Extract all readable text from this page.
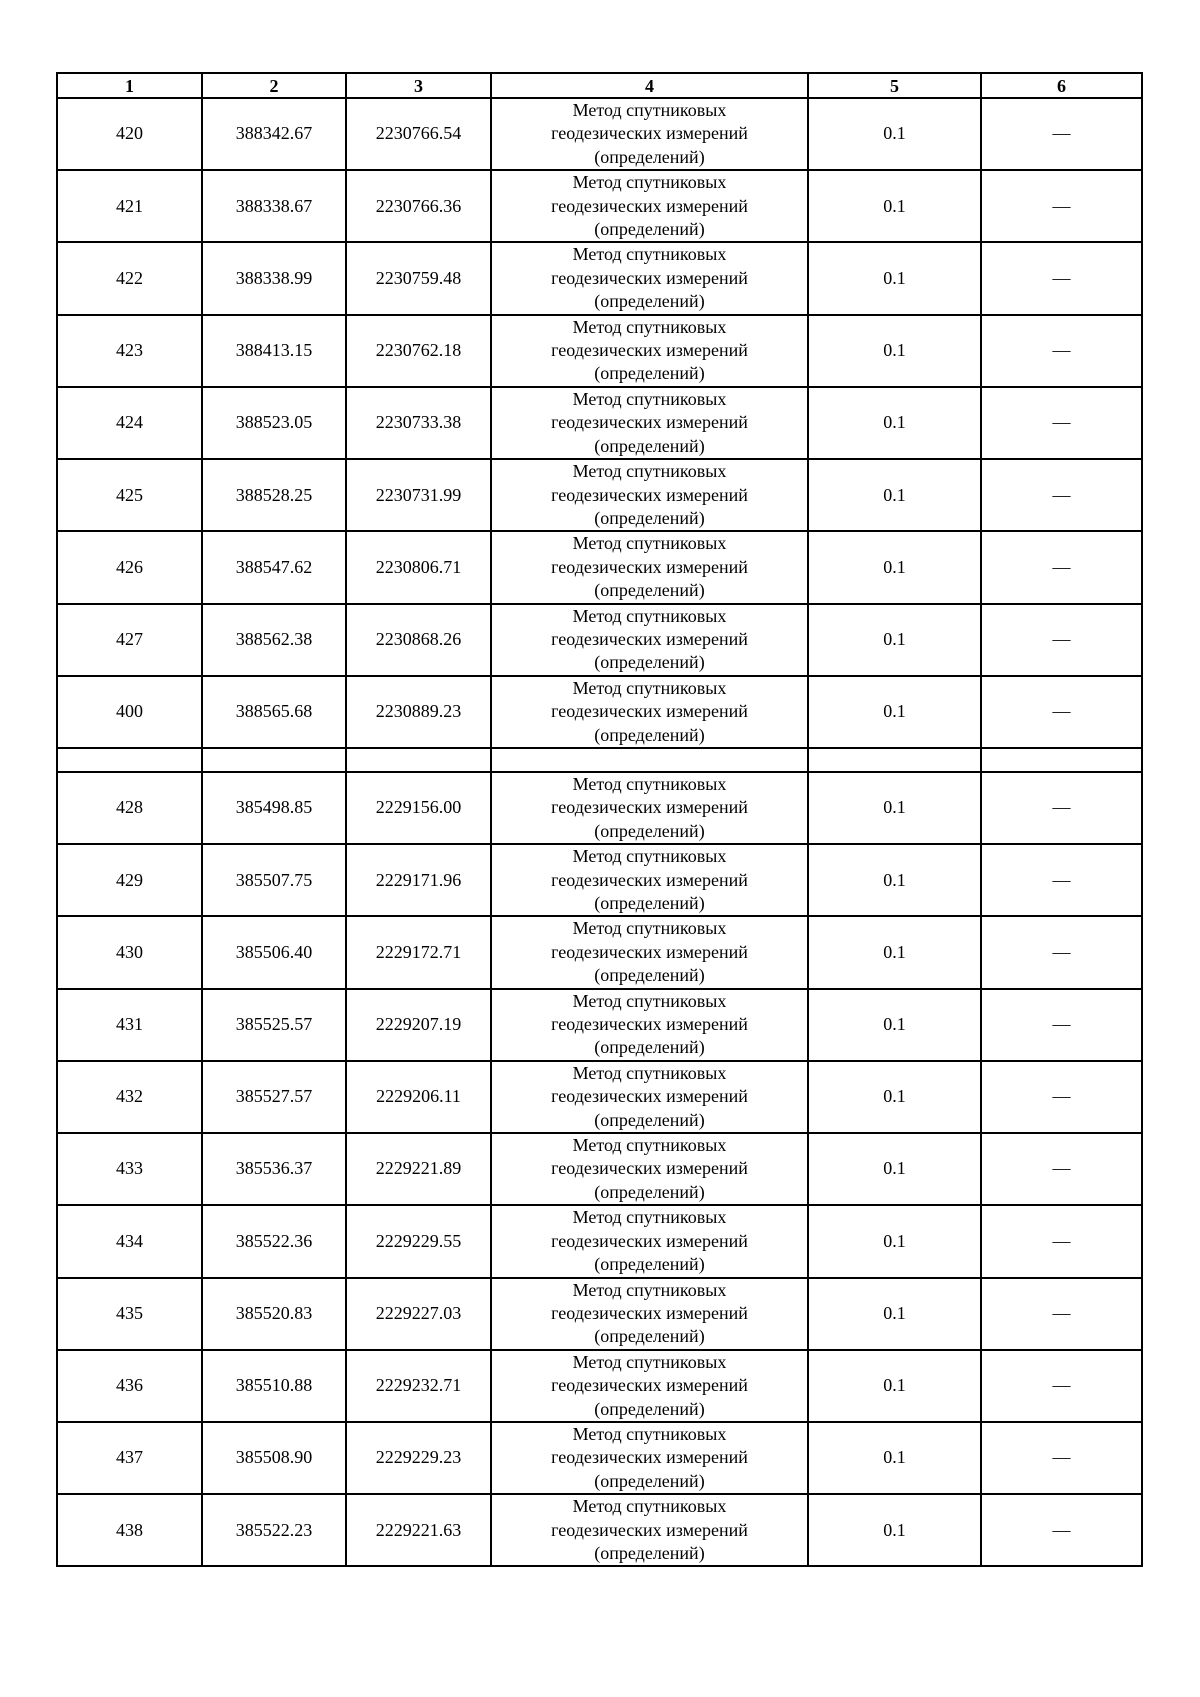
1	2	3	4	5	6
420	388342.67	2230766.54	Метод спутниковых
геодезических измерений
(определений)	0.1	—
421	388338.67	2230766.36	Метод спутниковых
геодезических измерений
(определений)	0.1	—
422	388338.99	2230759.48	Метод спутниковых
геодезических измерений
(определений)	0.1	—
423	388413.15	2230762.18	Метод спутниковых
геодезических измерений
(определений)	0.1	—
424	388523.05	2230733.38	Метод спутниковых
геодезических измерений
(определений)	0.1	—
425	388528.25	2230731.99	Метод спутниковых
геодезических измерений
(определений)	0.1	—
426	388547.62	2230806.71	Метод спутниковых
геодезических измерений
(определений)	0.1	—
427	388562.38	2230868.26	Метод спутниковых
геодезических измерений
(определений)	0.1	—
400	388565.68	2230889.23	Метод спутниковых
геодезических измерений
(определений)	0.1	—

428	385498.85	2229156.00	Метод спутниковых
геодезических измерений
(определений)	0.1	—
429	385507.75	2229171.96	Метод спутниковых
геодезических измерений
(определений)	0.1	—
430	385506.40	2229172.71	Метод спутниковых
геодезических измерений
(определений)	0.1	—
431	385525.57	2229207.19	Метод спутниковых
геодезических измерений
(определений)	0.1	—
432	385527.57	2229206.11	Метод спутниковых
геодезических измерений
(определений)	0.1	—
433	385536.37	2229221.89	Метод спутниковых
геодезических измерений
(определений)	0.1	—
434	385522.36	2229229.55	Метод спутниковых
геодезических измерений
(определений)	0.1	—
435	385520.83	2229227.03	Метод спутниковых
геодезических измерений
(определений)	0.1	—
436	385510.88	2229232.71	Метод спутниковых
геодезических измерений
(определений)	0.1	—
437	385508.90	2229229.23	Метод спутниковых
геодезических измерений
(определений)	0.1	—
438	385522.23	2229221.63	Метод спутниковых
геодезических измерений
(определений)	0.1	—
